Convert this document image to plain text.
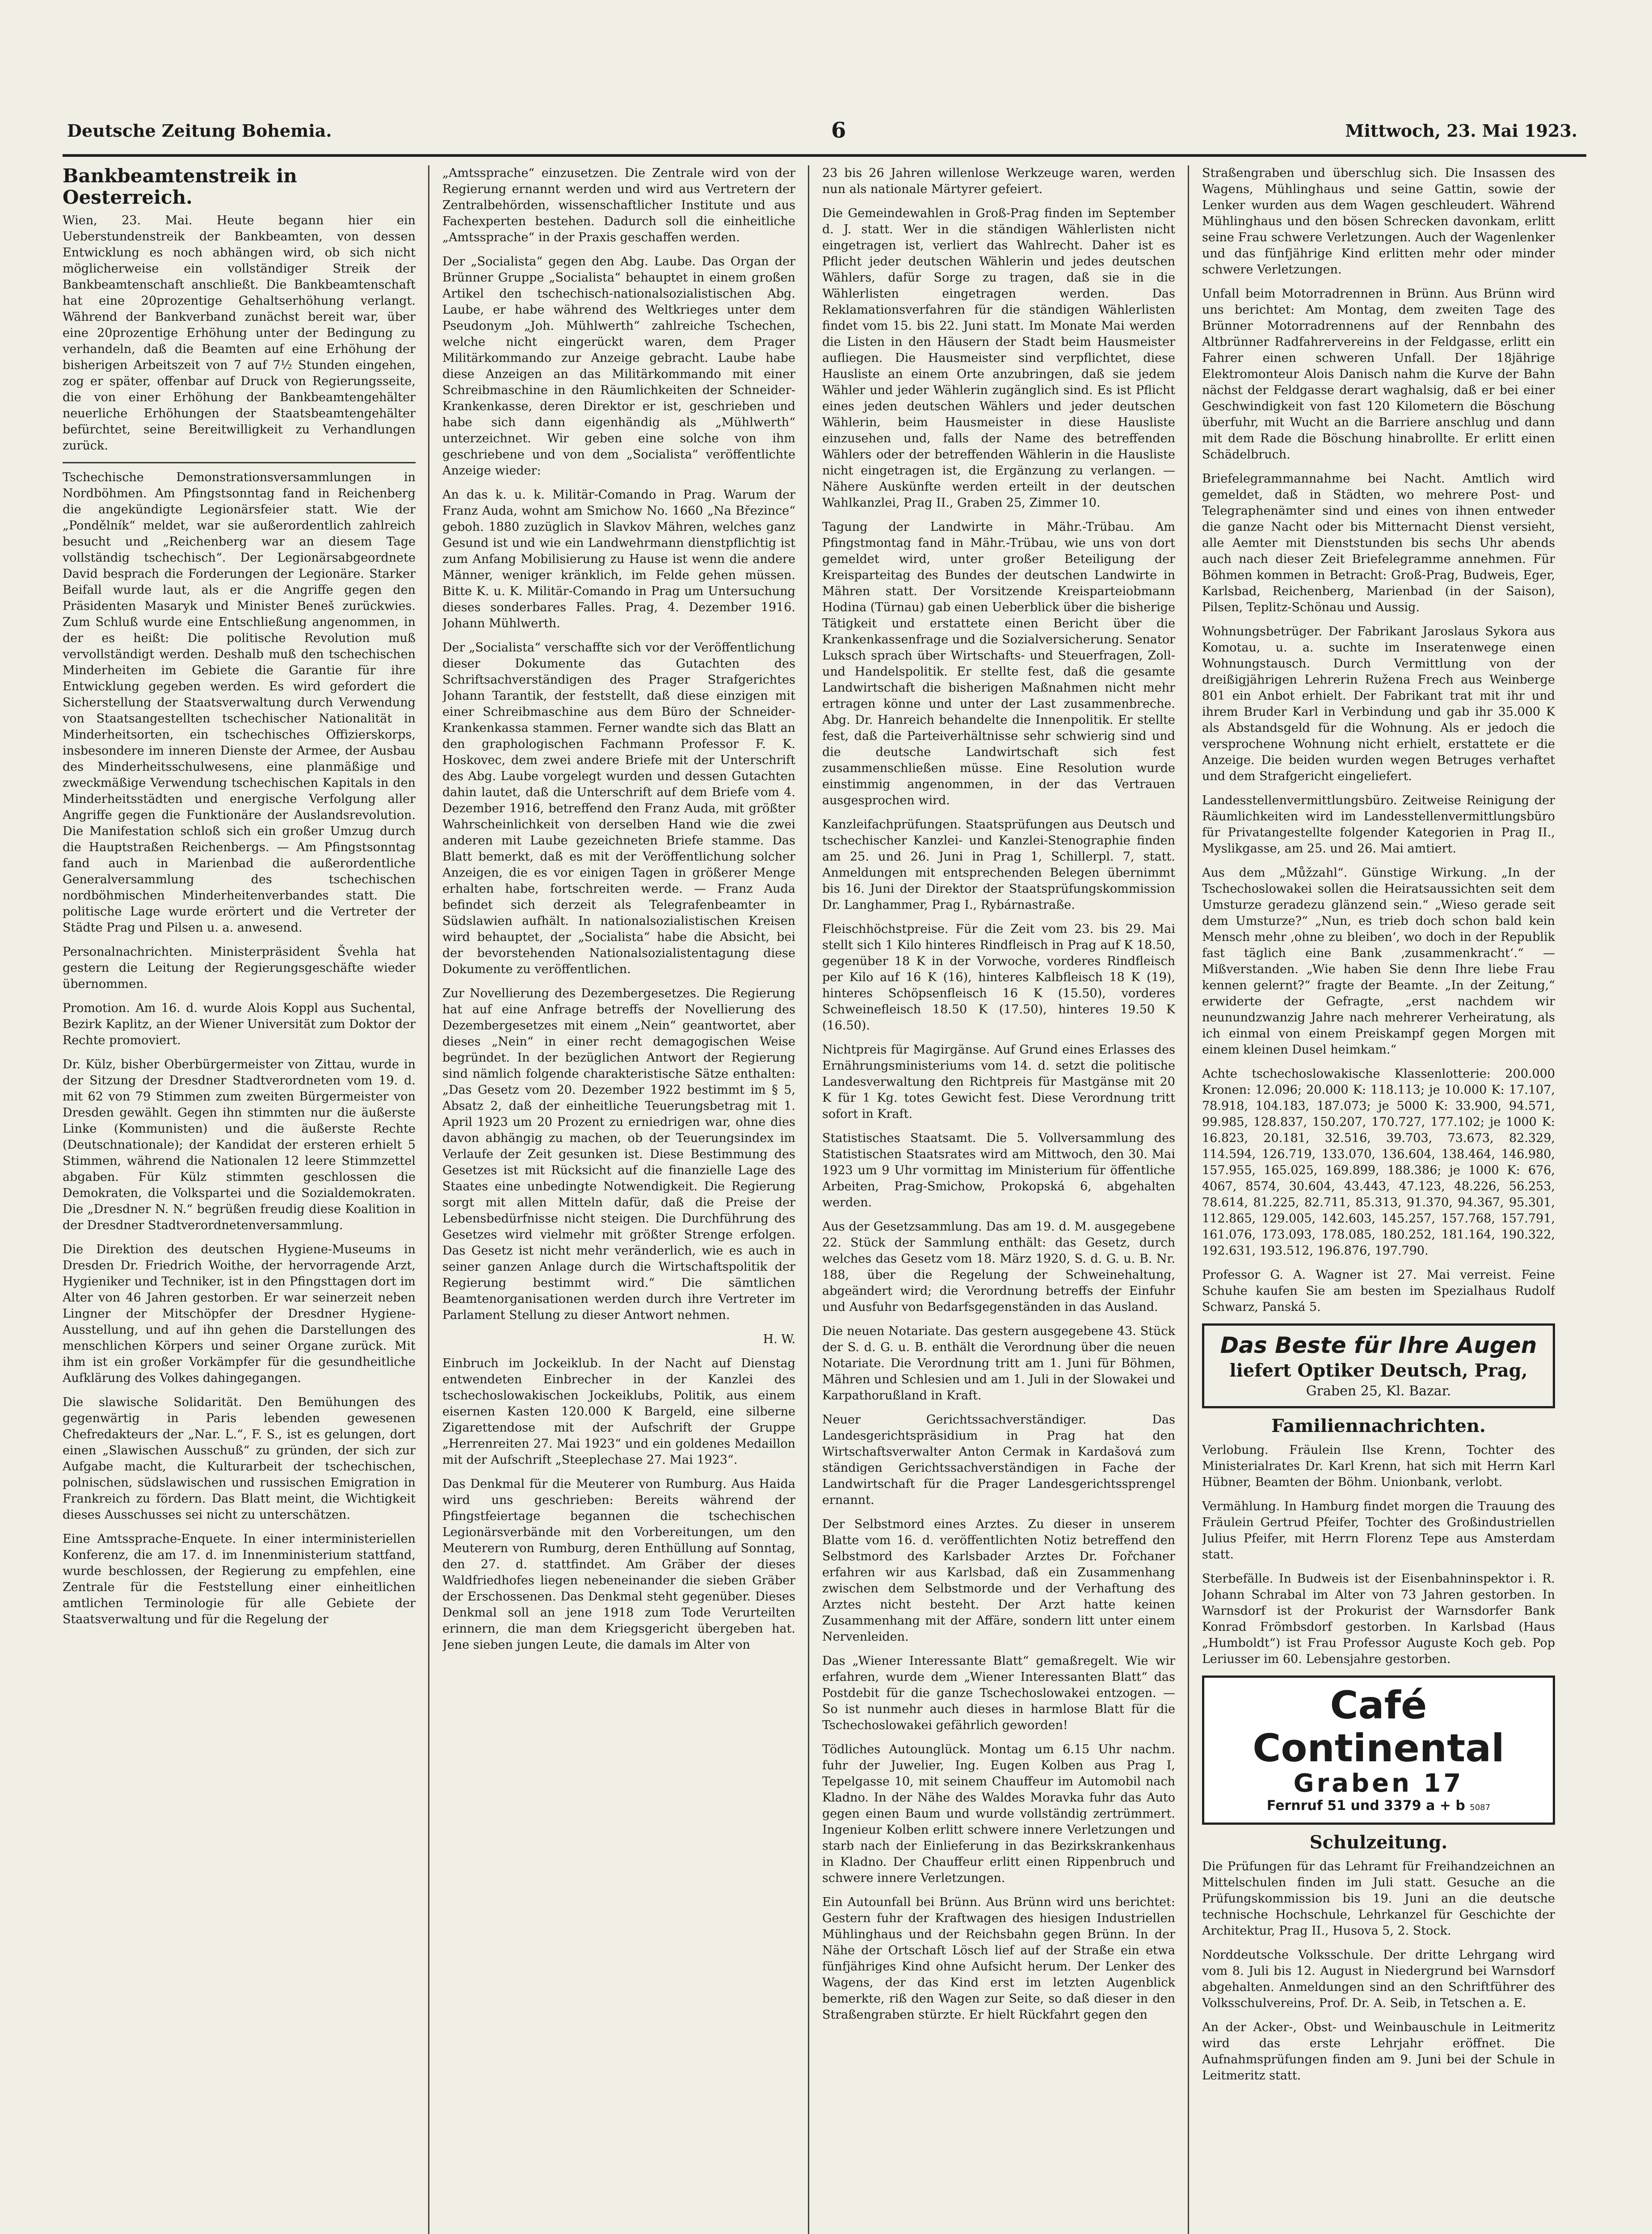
Deutsche Zeitung Bohemia.	6	Mittwoch, 23. Mai 1923.
Bankbeamtenstreik in Oesterreich.

Wien, 23. Mai. Heute begann hier ein Ueberstundenstreik der Bankbeamten, von dessen Entwicklung es noch abhängen wird, ob sich nicht möglicherweise ein vollständiger Streik der Bankbeamtenschaft anschließt. Die Bankbeamtenschaft hat eine 20prozentige Gehaltserhöhung verlangt. Während der Bankverband zunächst bereit war, über eine 20prozentige Erhöhung unter der Bedingung zu verhandeln, daß die Beamten auf eine Erhöhung der bisherigen Arbeitszeit von 7 auf 7½ Stunden eingehen, zog er später, offenbar auf Druck von Regierungsseite, die von einer Erhöhung der Bankbeamtengehälter neuerliche Erhöhungen der Staatsbeamtengehälter befürchtet, seine Bereitwilligkeit zu Verhandlungen zurück.

Tschechische Demonstrationsversammlungen in Nordböhmen. Am Pfingstsonntag fand in Reichenberg die angekündigte Legionärsfeier statt. Wie der „Pondělník“ meldet, war sie außerordentlich zahlreich besucht und „Reichenberg war an diesem Tage vollständig tschechisch“. Der Legionärsabgeordnete David besprach die Forderungen der Legionäre. Starker Beifall wurde laut, als er die Angriffe gegen den Präsidenten Masaryk und Minister Beneš zurückwies. Zum Schluß wurde eine Entschließung angenommen, in der es heißt: Die politische Revolution muß vervollständigt werden. Deshalb muß den tschechischen Minderheiten im Gebiete die Garantie für ihre Entwicklung gegeben werden. Es wird gefordert die Sicherstellung der Staatsverwaltung durch Verwendung von Staatsangestellten tschechischer Nationalität in Minderheitsorten, ein tschechisches Offizierskorps, insbesondere im inneren Dienste der Armee, der Ausbau des Minderheitsschulwesens, eine planmäßige und zweckmäßige Verwendung tschechischen Kapitals in den Minderheitsstädten und energische Verfolgung aller Angriffe gegen die Funktionäre der Auslandsrevolution. Die Manifestation schloß sich ein großer Umzug durch die Hauptstraßen Reichenbergs. — Am Pfingstsonntag fand auch in Marienbad die außerordentliche Generalversammlung des tschechischen nordböhmischen Minderheitenverbandes statt. Die politische Lage wurde erörtert und die Vertreter der Städte Prag und Pilsen u. a. anwesend.

Personalnachrichten. Ministerpräsident Švehla hat gestern die Leitung der Regierungsgeschäfte wieder übernommen.

Promotion. Am 16. d. wurde Alois Koppl aus Suchental, Bezirk Kaplitz, an der Wiener Universität zum Doktor der Rechte promoviert.

Dr. Külz, bisher Oberbürgermeister von Zittau, wurde in der Sitzung der Dresdner Stadtverordneten vom 19. d. mit 62 von 79 Stimmen zum zweiten Bürgermeister von Dresden gewählt. Gegen ihn stimmten nur die äußerste Linke (Kommunisten) und die äußerste Rechte (Deutschnationale); der Kandidat der ersteren erhielt 5 Stimmen, während die Nationalen 12 leere Stimmzettel abgaben. Für Külz stimmten geschlossen die Demokraten, die Volkspartei und die Sozialdemokraten. Die „Dresdner N. N.“ begrüßen freudig diese Koalition in der Dresdner Stadtverordnetenversammlung.

Die Direktion des deutschen Hygiene-Museums in Dresden Dr. Friedrich Woithe, der hervorragende Arzt, Hygieniker und Techniker, ist in den Pfingsttagen dort im Alter von 46 Jahren gestorben. Er war seinerzeit neben Lingner der Mitschöpfer der Dresdner Hygiene-Ausstellung, und auf ihn gehen die Darstellungen des menschlichen Körpers und seiner Organe zurück. Mit ihm ist ein großer Vorkämpfer für die gesundheitliche Aufklärung des Volkes dahingegangen.

Die slawische Solidarität. Den Bemühungen des gegenwärtig in Paris lebenden gewesenen Chefredakteurs der „Nar. L.“, F. S., ist es gelungen, dort einen „Slawischen Ausschuß“ zu gründen, der sich zur Aufgabe macht, die Kulturarbeit der tschechischen, polnischen, südslawischen und russischen Emigration in Frankreich zu fördern. Das Blatt meint, die Wichtigkeit dieses Ausschusses sei nicht zu unterschätzen.

Eine Amtssprache-Enquete. In einer interministeriellen Konferenz, die am 17. d. im Innenministerium stattfand, wurde beschlossen, der Regierung zu empfehlen, eine Zentrale für die Feststellung einer einheitlichen amtlichen Terminologie für alle Gebiete der Staatsverwaltung und für die Regelung der

„Amtssprache“ einzusetzen. Die Zentrale wird von der Regierung ernannt werden und wird aus Vertretern der Zentralbehörden, wissenschaftlicher Institute und aus Fachexperten bestehen. Dadurch soll die einheitliche „Amtssprache“ in der Praxis geschaffen werden.

Der „Socialista“ gegen den Abg. Laube. Das Organ der Brünner Gruppe „Socialista“ behauptet in einem großen Artikel den tschechisch-nationalsozialistischen Abg. Laube, er habe während des Weltkrieges unter dem Pseudonym „Joh. Mühlwerth“ zahlreiche Tschechen, welche nicht eingerückt waren, dem Prager Militärkommando zur Anzeige gebracht. Laube habe diese Anzeigen an das Militärkommando mit einer Schreibmaschine in den Räumlichkeiten der Schneider-Krankenkasse, deren Direktor er ist, geschrieben und habe sich dann eigenhändig als „Mühlwerth“ unterzeichnet. Wir geben eine solche von ihm geschriebene und von dem „Socialista“ veröffentlichte Anzeige wieder:

An das k. u. k. Militär-Comando in Prag. Warum der Franz Auda, wohnt am Smichow No. 1660 „Na Březince“ geboh. 1880 zuzüglich in Slavkov Mähren, welches ganz Gesund ist und wie ein Landwehrmann dienstpflichtig ist zum Anfang Mobilisierung zu Hause ist wenn die andere Männer, weniger kränklich, im Felde gehen müssen. Bitte K. u. K. Militär-Comando in Prag um Untersuchung dieses sonderbares Falles. Prag, 4. Dezember 1916. Johann Mühlwerth.

Der „Socialista“ verschaffte sich vor der Veröffentlichung dieser Dokumente das Gutachten des Schriftsachverständigen des Prager Strafgerichtes Johann Tarantik, der feststellt, daß diese einzigen mit einer Schreibmaschine aus dem Büro der Schneider-Krankenkassa stammen. Ferner wandte sich das Blatt an den graphologischen Fachmann Professor F. K. Hoskovec, dem zwei andere Briefe mit der Unterschrift des Abg. Laube vorgelegt wurden und dessen Gutachten dahin lautet, daß die Unterschrift auf dem Briefe vom 4. Dezember 1916, betreffend den Franz Auda, mit größter Wahrscheinlichkeit von derselben Hand wie die zwei anderen mit Laube gezeichneten Briefe stamme. Das Blatt bemerkt, daß es mit der Veröffentlichung solcher Anzeigen, die es vor einigen Tagen in größerer Menge erhalten habe, fortschreiten werde. — Franz Auda befindet sich derzeit als Telegrafenbeamter in Südslawien aufhält. In nationalsozialistischen Kreisen wird behauptet, der „Socialista“ habe die Absicht, bei der bevorstehenden Nationalsozialistentagung diese Dokumente zu veröffentlichen.

Zur Novellierung des Dezembergesetzes. Die Regierung hat auf eine Anfrage betreffs der Novellierung des Dezembergesetzes mit einem „Nein“ geantwortet, aber dieses „Nein“ in einer recht demagogischen Weise begründet. In der bezüglichen Antwort der Regierung sind nämlich folgende charakteristische Sätze enthalten: „Das Gesetz vom 20. Dezember 1922 bestimmt im § 5, Absatz 2, daß der einheitliche Teuerungsbetrag mit 1. April 1923 um 20 Prozent zu erniedrigen war, ohne dies davon abhängig zu machen, ob der Teuerungsindex im Verlaufe der Zeit gesunken ist. Diese Bestimmung des Gesetzes ist mit Rücksicht auf die finanzielle Lage des Staates eine unbedingte Notwendigkeit. Die Regierung sorgt mit allen Mitteln dafür, daß die Preise der Lebensbedürfnisse nicht steigen. Die Durchführung des Gesetzes wird vielmehr mit größter Strenge erfolgen. Das Gesetz ist nicht mehr veränderlich, wie es auch in seiner ganzen Anlage durch die Wirtschaftspolitik der Regierung bestimmt wird.“ Die sämtlichen Beamtenorganisationen werden durch ihre Vertreter im Parlament Stellung zu dieser Antwort nehmen.

H. W.

Einbruch im Jockeiklub. In der Nacht auf Dienstag entwendeten Einbrecher in der Kanzlei des tschechoslowakischen Jockeiklubs, Politik, aus einem eisernen Kasten 120.000 K Bargeld, eine silberne Zigarettendose mit der Aufschrift der Gruppe „Herrenreiten 27. Mai 1923“ und ein goldenes Medaillon mit der Aufschrift „Steeplechase 27. Mai 1923“.

Das Denkmal für die Meuterer von Rumburg. Aus Haida wird uns geschrieben: Bereits während der Pfingstfeiertage begannen die tschechischen Legionärsverbände mit den Vorbereitungen, um den Meuterern von Rumburg, deren Enthüllung auf Sonntag, den 27. d. stattfindet. Am Gräber der dieses Waldfriedhofes liegen nebeneinander die sieben Gräber der Erschossenen. Das Denkmal steht gegenüber. Dieses Denkmal soll an jene 1918 zum Tode Verurteilten erinnern, die man dem Kriegsgericht übergeben hat. Jene sieben jungen Leute, die damals im Alter von

23 bis 26 Jahren willenlose Werkzeuge waren, werden nun als nationale Märtyrer gefeiert.

Die Gemeindewahlen in Groß-Prag finden im September d. J. statt. Wer in die ständigen Wählerlisten nicht eingetragen ist, verliert das Wahlrecht. Daher ist es Pflicht jeder deutschen Wählerin und jedes deutschen Wählers, dafür Sorge zu tragen, daß sie in die Wählerlisten eingetragen werden. Das Reklamationsverfahren für die ständigen Wählerlisten findet vom 15. bis 22. Juni statt. Im Monate Mai werden die Listen in den Häusern der Stadt beim Hausmeister aufliegen. Die Hausmeister sind verpflichtet, diese Hausliste an einem Orte anzubringen, daß sie jedem Wähler und jeder Wählerin zugänglich sind. Es ist Pflicht eines jeden deutschen Wählers und jeder deutschen Wählerin, beim Hausmeister in diese Hausliste einzusehen und, falls der Name des betreffenden Wählers oder der betreffenden Wählerin in die Hausliste nicht eingetragen ist, die Ergänzung zu verlangen. — Nähere Auskünfte werden erteilt in der deutschen Wahlkanzlei, Prag II., Graben 25, Zimmer 10.

Tagung der Landwirte in Mähr.-Trübau. Am Pfingstmontag fand in Mähr.-Trübau, wie uns von dort gemeldet wird, unter großer Beteiligung der Kreisparteitag des Bundes der deutschen Landwirte in Mähren statt. Der Vorsitzende Kreisparteiobmann Hodina (Türnau) gab einen Ueberblick über die bisherige Tätigkeit und erstattete einen Bericht über die Krankenkassenfrage und die Sozialversicherung. Senator Luksch sprach über Wirtschafts- und Steuerfragen, Zoll- und Handelspolitik. Er stellte fest, daß die gesamte Landwirtschaft die bisherigen Maßnahmen nicht mehr ertragen könne und unter der Last zusammenbreche. Abg. Dr. Hanreich behandelte die Innenpolitik. Er stellte fest, daß die Parteiverhältnisse sehr schwierig sind und die deutsche Landwirtschaft sich fest zusammenschließen müsse. Eine Resolution wurde einstimmig angenommen, in der das Vertrauen ausgesprochen wird.

Kanzleifachprüfungen. Staatsprüfungen aus Deutsch und tschechischer Kanzlei- und Kanzlei-Stenographie finden am 25. und 26. Juni in Prag 1, Schillerpl. 7, statt. Anmeldungen mit entsprechenden Belegen übernimmt bis 16. Juni der Direktor der Staatsprüfungskommission Dr. Langhammer, Prag I., Rybárnastraße.

Fleischhöchstpreise. Für die Zeit vom 23. bis 29. Mai stellt sich 1 Kilo hinteres Rindfleisch in Prag auf K 18.50, gegenüber 18 K in der Vorwoche, vorderes Rindfleisch per Kilo auf 16 K (16), hinteres Kalbfleisch 18 K (19), hinteres Schöpsenfleisch 16 K (15.50), vorderes Schweinefleisch 18.50 K (17.50), hinteres 19.50 K (16.50).

Nichtpreis für Magirgänse. Auf Grund eines Erlasses des Ernährungsministeriums vom 14. d. setzt die politische Landesverwaltung den Richtpreis für Mastgänse mit 20 K für 1 Kg. totes Gewicht fest. Diese Verordnung tritt sofort in Kraft.

Statistisches Staatsamt. Die 5. Vollversammlung des Statistischen Staatsrates wird am Mittwoch, den 30. Mai 1923 um 9 Uhr vormittag im Ministerium für öffentliche Arbeiten, Prag-Smichow, Prokopská 6, abgehalten werden.

Aus der Gesetzsammlung. Das am 19. d. M. ausgegebene 22. Stück der Sammlung enthält: das Gesetz, durch welches das Gesetz vom 18. März 1920, S. d. G. u. B. Nr. 188, über die Regelung der Schweinehaltung, abgeändert wird; die Verordnung betreffs der Einfuhr und Ausfuhr von Bedarfsgegenständen in das Ausland.

Die neuen Notariate. Das gestern ausgegebene 43. Stück der S. d. G. u. B. enthält die Verordnung über die neuen Notariate. Die Verordnung tritt am 1. Juni für Böhmen, Mähren und Schlesien und am 1. Juli in der Slowakei und Karpathorußland in Kraft.

Neuer Gerichtssachverständiger. Das Landesgerichtspräsidium in Prag hat den Wirtschaftsverwalter Anton Cermak in Kardašová zum ständigen Gerichtssachverständigen in Fache der Landwirtschaft für die Prager Landesgerichtssprengel ernannt.

Der Selbstmord eines Arztes. Zu dieser in unserem Blatte vom 16. d. veröffentlichten Notiz betreffend den Selbstmord des Karlsbader Arztes Dr. Fořchaner erfahren wir aus Karlsbad, daß ein Zusammenhang zwischen dem Selbstmorde und der Verhaftung des Arztes nicht besteht. Der Arzt hatte keinen Zusammenhang mit der Affäre, sondern litt unter einem Nervenleiden.

Das „Wiener Interessante Blatt“ gemaßregelt. Wie wir erfahren, wurde dem „Wiener Interessanten Blatt“ das Postdebit für die ganze Tschechoslowakei entzogen. — So ist nunmehr auch dieses in harmlose Blatt für die Tschechoslowakei gefährlich geworden!

Tödliches Autounglück. Montag um 6.15 Uhr nachm. fuhr der Juwelier, Ing. Eugen Kolben aus Prag I, Tepelgasse 10, mit seinem Chauffeur im Automobil nach Kladno. In der Nähe des Waldes Moravka fuhr das Auto gegen einen Baum und wurde vollständig zertrümmert. Ingenieur Kolben erlitt schwere innere Verletzungen und starb nach der Einlieferung in das Bezirkskrankenhaus in Kladno. Der Chauffeur erlitt einen Rippenbruch und schwere innere Verletzungen.

Ein Autounfall bei Brünn. Aus Brünn wird uns berichtet: Gestern fuhr der Kraftwagen des hiesigen Industriellen Mühlinghaus und der Reichsbahn gegen Brünn. In der Nähe der Ortschaft Lösch lief auf der Straße ein etwa fünfjähriges Kind ohne Aufsicht herum. Der Lenker des Wagens, der das Kind erst im letzten Augenblick bemerkte, riß den Wagen zur Seite, so daß dieser in den Straßengraben stürzte. Er hielt Rückfahrt gegen den

Straßengraben und überschlug sich. Die Insassen des Wagens, Mühlinghaus und seine Gattin, sowie der Lenker wurden aus dem Wagen geschleudert. Während Mühlinghaus und den bösen Schrecken davonkam, erlitt seine Frau schwere Verletzungen. Auch der Wagenlenker und das fünfjährige Kind erlitten mehr oder minder schwere Verletzungen.

Unfall beim Motorradrennen in Brünn. Aus Brünn wird uns berichtet: Am Montag, dem zweiten Tage des Brünner Motorradrennens auf der Rennbahn des Altbrünner Radfahrervereins in der Feldgasse, erlitt ein Fahrer einen schweren Unfall. Der 18jährige Elektromonteur Alois Danisch nahm die Kurve der Bahn nächst der Feldgasse derart waghalsig, daß er bei einer Geschwindigkeit von fast 120 Kilometern die Böschung überfuhr, mit Wucht an die Barriere anschlug und dann mit dem Rade die Böschung hinabrollte. Er erlitt einen Schädelbruch.

Briefelegrammannahme bei Nacht. Amtlich wird gemeldet, daß in Städten, wo mehrere Post- und Telegraphenämter sind und eines von ihnen entweder die ganze Nacht oder bis Mitternacht Dienst versieht, alle Aemter mit Dienststunden bis sechs Uhr abends auch nach dieser Zeit Briefelegramme annehmen. Für Böhmen kommen in Betracht: Groß-Prag, Budweis, Eger, Karlsbad, Reichenberg, Marienbad (in der Saison), Pilsen, Teplitz-Schönau und Aussig.

Wohnungsbetrüger. Der Fabrikant Jaroslaus Sykora aus Komotau, u. a. suchte im Inseratenwege einen Wohnungstausch. Durch Vermittlung von der dreißigjährigen Lehrerin Ružena Frech aus Weinberge 801 ein Anbot erhielt. Der Fabrikant trat mit ihr und ihrem Bruder Karl in Verbindung und gab ihr 35.000 K als Abstandsgeld für die Wohnung. Als er jedoch die versprochene Wohnung nicht erhielt, erstattete er die Anzeige. Die beiden wurden wegen Betruges verhaftet und dem Strafgericht eingeliefert.

Landesstellenvermittlungsbüro. Zeitweise Reinigung der Räumlichkeiten wird im Landesstellenvermittlungsbüro für Privatangestellte folgender Kategorien in Prag II., Myslikgasse, am 25. und 26. Mai amtiert.

Aus dem „Můžzahl“. Günstige Wirkung. „In der Tschechoslowakei sollen die Heiratsaussichten seit dem Umsturze geradezu glänzend sein.“ „Wieso gerade seit dem Umsturze?“ „Nun, es trieb doch schon bald kein Mensch mehr ‚ohne zu bleiben‘, wo doch in der Republik fast täglich eine Bank ‚zusammenkracht‘.“ — Mißverstanden. „Wie haben Sie denn Ihre liebe Frau kennen gelernt?“ fragte der Beamte. „In der Zeitung,“ erwiderte der Gefragte, „erst nachdem wir neunundzwanzig Jahre nach mehrerer Verheiratung, als ich einmal von einem Preiskampf gegen Morgen mit einem kleinen Dusel heimkam.“

Achte tschechoslowakische Klassenlotterie: 200.000 Kronen: 12.096; 20.000 K: 118.113; je 10.000 K: 17.107, 78.918, 104.183, 187.073; je 5000 K: 33.900, 94.571, 99.985, 128.837, 150.207, 170.727, 177.102; je 1000 K: 16.823, 20.181, 32.516, 39.703, 73.673, 82.329, 114.594, 126.719, 133.070, 136.604, 138.464, 146.980, 157.955, 165.025, 169.899, 188.386; je 1000 K: 676, 4067, 8574, 30.604, 43.443, 47.123, 48.226, 56.253, 78.614, 81.225, 82.711, 85.313, 91.370, 94.367, 95.301, 112.865, 129.005, 142.603, 145.257, 157.768, 157.791, 161.076, 173.093, 178.085, 180.252, 181.164, 190.322, 192.631, 193.512, 196.876, 197.790.

Professor G. A. Wagner ist 27. Mai verreist. Feine Schuhe kaufen Sie am besten im Spezialhaus Rudolf Schwarz, Panská 5.

Das Beste für Ihre Augen
liefert Optiker Deutsch, Prag,
Graben 25, Kl. Bazar.
Familiennachrichten.

Verlobung. Fräulein Ilse Krenn, Tochter des Ministerialrates Dr. Karl Krenn, hat sich mit Herrn Karl Hübner, Beamten der Böhm. Unionbank, verlobt.

Vermählung. In Hamburg findet morgen die Trauung des Fräulein Gertrud Pfeifer, Tochter des Großindustriellen Julius Pfeifer, mit Herrn Florenz Tepe aus Amsterdam statt.

Sterbefälle. In Budweis ist der Eisenbahninspektor i. R. Johann Schrabal im Alter von 73 Jahren gestorben. In Warnsdorf ist der Prokurist der Warnsdorfer Bank Konrad Frömbsdorf gestorben. In Karlsbad (Haus „Humboldt“) ist Frau Professor Auguste Koch geb. Pop Leriusser im 60. Lebensjahre gestorben.

Café Continental
Graben 17
Fernruf 51 und 3379 a + b 5087
Schulzeitung.

Die Prüfungen für das Lehramt für Freihandzeichnen an Mittelschulen finden im Juli statt. Gesuche an die Prüfungskommission bis 19. Juni an die deutsche technische Hochschule, Lehrkanzel für Geschichte der Architektur, Prag II., Husova 5, 2. Stock.

Norddeutsche Volksschule. Der dritte Lehrgang wird vom 8. Juli bis 12. August in Niedergrund bei Warnsdorf abgehalten. Anmeldungen sind an den Schriftführer des Volksschulvereins, Prof. Dr. A. Seib, in Tetschen a. E.

An der Acker-, Obst- und Weinbauschule in Leitmeritz wird das erste Lehrjahr eröffnet. Die Aufnahmsprüfungen finden am 9. Juni bei der Schule in Leitmeritz statt.
